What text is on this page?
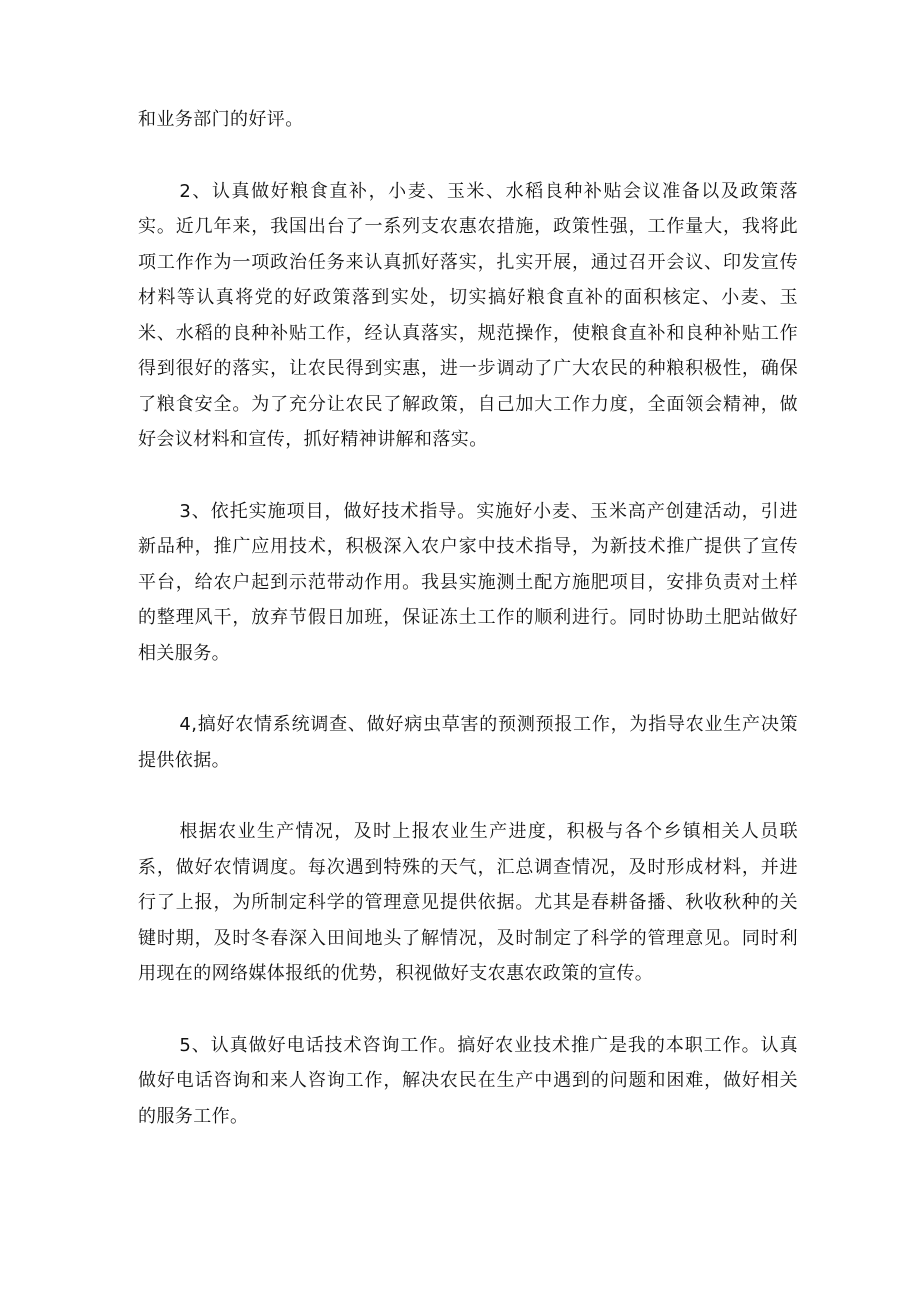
和业务部门的好评。

2、认真做好粮食直补，小麦、玉米、水稻良种补贴会议准备以及政策落实。近几年来，我国出台了一系列支农惠农措施，政策性强，工作量大，我将此项工作作为一项政治任务来认真抓好落实，扎实开展，通过召开会议、印发宣传材料等认真将党的好政策落到实处，切实搞好粮食直补的面积核定、小麦、玉米、水稻的良种补贴工作，经认真落实，规范操作，使粮食直补和良种补贴工作得到很好的落实，让农民得到实惠，进一步调动了广大农民的种粮积极性，确保了粮食安全。为了充分让农民了解政策，自己加大工作力度，全面领会精神，做好会议材料和宣传，抓好精神讲解和落实。

3、依托实施项目，做好技术指导。实施好小麦、玉米高产创建活动，引进新品种，推广应用技术，积极深入农户家中技术指导，为新技术推广提供了宣传平台，给农户起到示范带动作用。我县实施测土配方施肥项目，安排负责对土样的整理风干，放弃节假日加班，保证冻土工作的顺利进行。同时协助土肥站做好相关服务。

4,搞好农情系统调查、做好病虫草害的预测预报工作，为指导农业生产决策提供依据。

根据农业生产情况，及时上报农业生产进度，积极与各个乡镇相关人员联系，做好农情调度。每次遇到特殊的天气，汇总调查情况，及时形成材料，并进行了上报，为所制定科学的管理意见提供依据。尤其是春耕备播、秋收秋种的关键时期，及时冬春深入田间地头了解情况，及时制定了科学的管理意见。同时利用现在的网络媒体报纸的优势，积视做好支农惠农政策的宣传。

5、认真做好电话技术咨询工作。搞好农业技术推广是我的本职工作。认真做好电话咨询和来人咨询工作，解决农民在生产中遇到的问题和困难，做好相关的服务工作。
